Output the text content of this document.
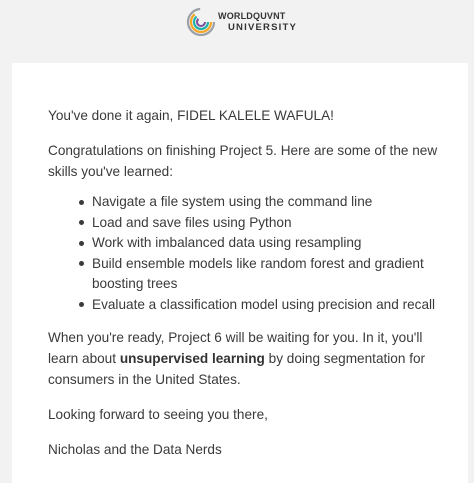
WORLDQUVNT
UNIVERSITY

You've done it again, FIDEL KALELE WAFULA!

Congratulations on finishing Project 5. Here are some of the new skills you've learned:

Navigate a file system using the command line
Load and save files using Python
Work with imbalanced data using resampling
Build ensemble models like random forest and gradient boosting trees
Evaluate a classification model using precision and recall

When you're ready, Project 6 will be waiting for you. In it, you'll learn about unsupervised learning by doing segmentation for consumers in the United States.

Looking forward to seeing you there,

Nicholas and the Data Nerds
